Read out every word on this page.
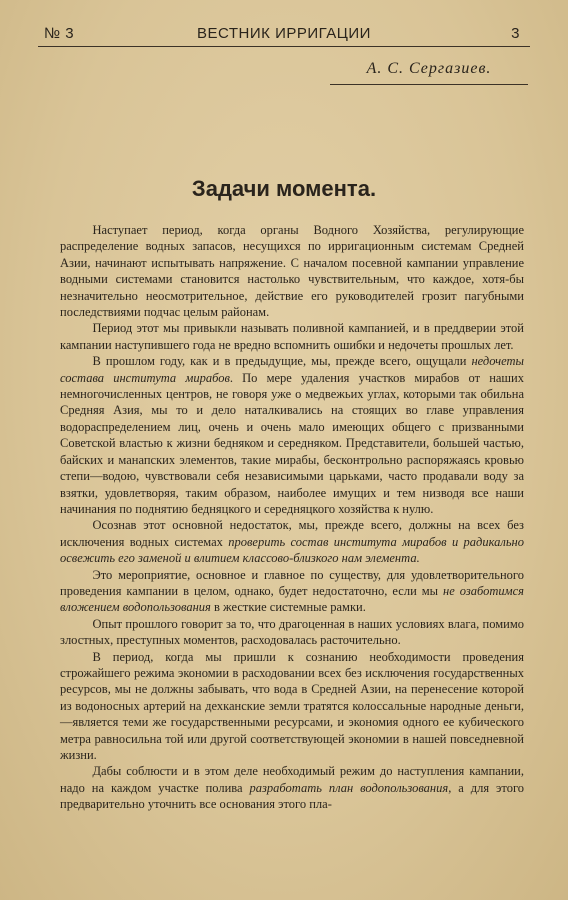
№ 3	ВЕСТНИК ИРРИГАЦИИ	3
А. С. Сергазиев.
Задачи момента.

Наступает период, когда органы Водного Хозяйства, регулирующие распределение водных запасов, несущихся по ирригационным системам Средней Азии, начинают испытывать напряжение. С началом посевной кампании управление водными системами становится настолько чувствительным, что каждое, хотя-бы незначительно неосмотрительное, действие его руководителей грозит пагубными последствиями подчас целым районам.

Период этот мы привыкли называть поливной кампанией, и в преддверии этой кампании наступившего года не вредно вспомнить ошибки и недочеты прошлых лет.

В прошлом году, как и в предыдущие, мы, прежде всего, ощущали недочеты состава института мирабов. По мере удаления участков мирабов от наших немногочисленных центров, не говоря уже о медвежьих углах, которыми так обильна Средняя Азия, мы то и дело наталкивались на стоящих во главе управления водораспределением лиц, очень и очень мало имеющих общего с призванными Советской властью к жизни бедняком и середняком. Представители, большей частью, байских и манапских элементов, такие мирабы, бесконтрольно распоряжаясь кровью степи—водою, чувствовали себя независимыми царьками, часто продавали воду за взятки, удовлетворяя, таким образом, наиболее имущих и тем низводя все наши начинания по поднятию бедняцкого и середняцкого хозяйства к нулю.

Осознав этот основной недостаток, мы, прежде всего, должны на всех без исключения водных системах проверить состав института мирабов и радикально освежить его заменой и влитием классово-близкого нам элемента.

Это мероприятие, основное и главное по существу, для удовлетворительного проведения кампании в целом, однако, будет недостаточно, если мы не озаботимся вложением водопользования в жесткие системные рамки.

Опыт прошлого говорит за то, что драгоценная в наших условиях влага, помимо злостных, преступных моментов, расходовалась расточительно.

В период, когда мы пришли к сознанию необходимости проведения строжайшего режима экономии в расходовании всех без исключения государственных ресурсов, мы не должны забывать, что вода в Средней Азии, на перенесение которой из водоносных артерий на дехканские земли тратятся колоссальные народные деньги,—является теми же государственными ресурсами, и экономия одного ее кубического метра равносильна той или другой соответствующей экономии в нашей повседневной жизни.

Дабы соблюсти и в этом деле необходимый режим до наступления кампании, надо на каждом участке полива разработать план водопользования, а для этого предварительно уточнить все основания этого пла-
